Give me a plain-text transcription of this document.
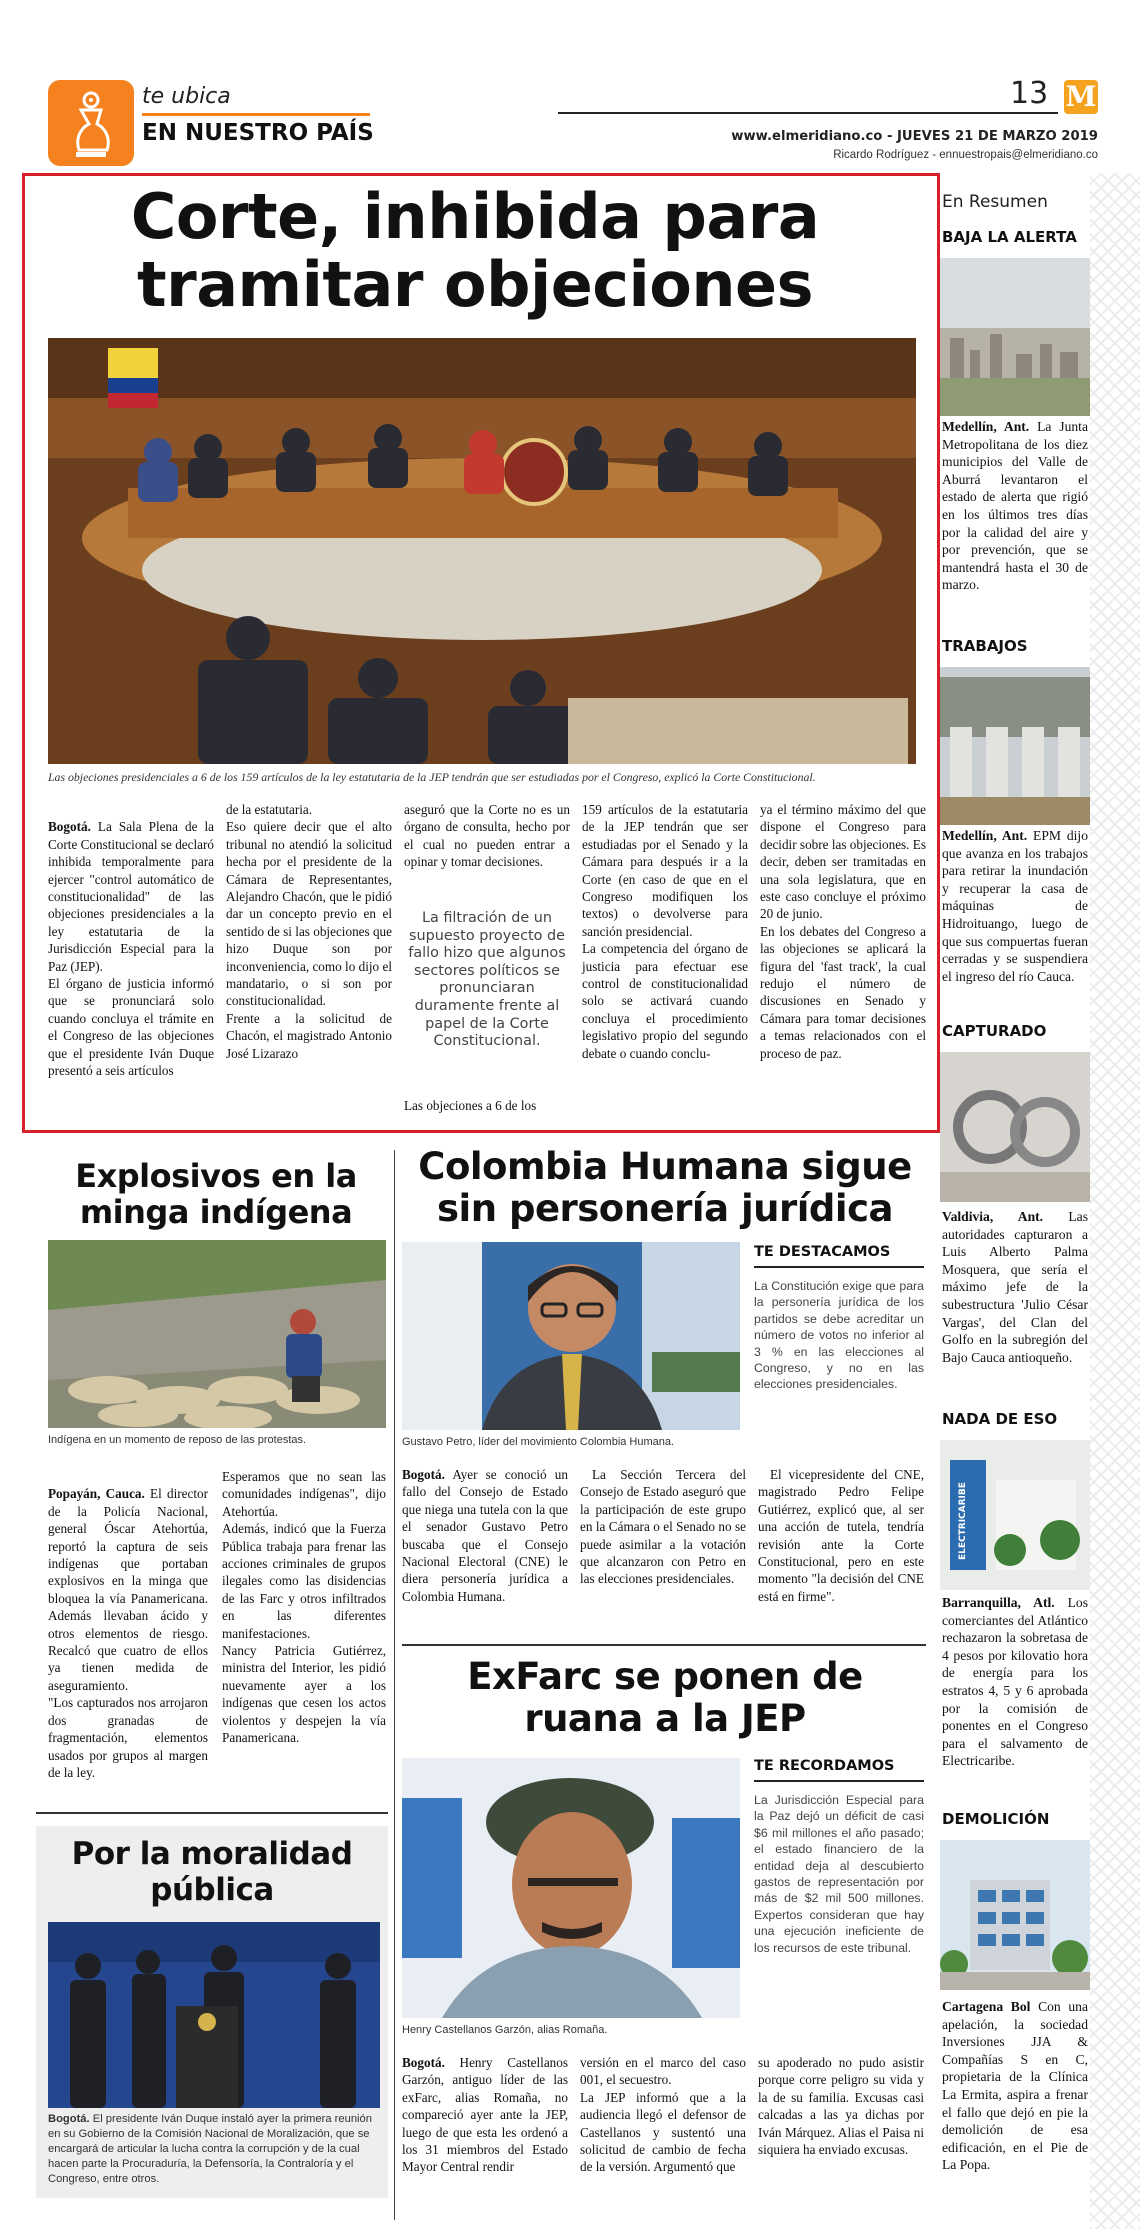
te ubica
EN NUESTRO PAÍS
13 M
www.elmeridiano.co - JUEVES 21 DE MARZO 2019
Ricardo Rodríguez - ennuestropais@elmeridiano.co
Corte, inhibida para
tramitar objeciones
Las objeciones presidenciales a 6 de los 159 artículos de la ley estatutaria de la JEP tendrán que ser estudiadas por el Congreso, explicó la Corte Constitucional.

Bogotá. La Sala Plena de la Corte Constitucional se declaró inhibida temporalmente para ejercer "control automático de constitucionalidad" de las objeciones presidenciales a la ley estatutaria de la Jurisdicción Especial para la Paz (JEP).
El órgano de justicia informó que se pronunciará solo cuando concluya el trámite en el Congreso de las objeciones que el presidente Iván Duque presentó a seis artículos

de la estatutaria.
Eso quiere decir que el alto tribunal no atendió la solicitud hecha por el presidente de la Cámara de Representantes, Alejandro Chacón, que le pidió dar un concepto previo en el sentido de si las objeciones que hizo Duque son por inconveniencia, como lo dijo el mandatario, o si son por constitucionalidad.
Frente a la solicitud de Chacón, el magistrado Antonio José Lizarazo
aseguró que la Corte no es un órgano de consulta, hecho por el cual no pueden entrar a opinar y tomar decisiones.
La filtración de un supuesto proyecto de fallo hizo que algunos sectores políticos se pronunciaran duramente frente al papel de la Corte Constitucional.
Las objeciones a 6 de los
159 artículos de la estatutaria de la JEP tendrán que ser estudiadas por el Senado y la Cámara para después ir a la Corte (en caso de que en el Congreso modifiquen los textos) o devolverse para sanción presidencial.
La competencia del órgano de justicia para efectuar ese control de constitucionalidad solo se activará cuando concluya el procedimiento legislativo propio del segundo debate o cuando conclu-
ya el término máximo del que dispone el Congreso para decidir sobre las objeciones. Es decir, deben ser tramitadas en una sola legislatura, que en este caso concluye el próximo 20 de junio.
En los debates del Congreso a las objeciones se aplicará la figura del 'fast track', la cual redujo el número de discusiones en Senado y Cámara para tomar decisiones a temas relacionados con el proceso de paz.
En Resumen
BAJA LA ALERTA
Medellín, Ant. La Junta Metropolitana de los diez municipios del Valle de Aburrá levantaron el estado de alerta que rigió en los últimos tres días por la calidad del aire y por prevención, que se mantendrá hasta el 30 de marzo.
TRABAJOS
Medellín, Ant. EPM dijo que avanza en los trabajos para retirar la inundación y recuperar la casa de máquinas de Hidroituango, luego de que sus compuertas fueran cerradas y se suspendiera el ingreso del río Cauca.
CAPTURADO
Valdivia, Ant. Las autoridades capturaron a Luis Alberto Palma Mosquera, que sería el máximo jefe de la subestructura 'Julio César Vargas', del Clan del Golfo en la subregión del Bajo Cauca antioqueño.
NADA DE ESO
ELECTRICARIBE
Barranquilla, Atl. Los comerciantes del Atlántico rechazaron la sobretasa de 4 pesos por kilovatio hora de energía para los estratos 4, 5 y 6 aprobada por la comisión de ponentes en el Congreso para el salvamento de Electricaribe.
DEMOLICIÓN
Cartagena Bol Con una apelación, la sociedad Inversiones JJA & Compañías S en C, propietaria de la Clínica La Ermita, aspira a frenar el fallo que dejó en pie la demolición de esa edificación, en el Pie de La Popa.
Explosivos en la
minga indígena
Indígena en un momento de reposo de las protestas.

Popayán, Cauca. El director de la Policía Nacional, general Óscar Atehortúa, reportó la captura de seis indígenas que portaban explosivos en la minga que bloquea la vía Panamericana. Además llevaban ácido y otros elementos de riesgo. Recalcó que cuatro de ellos ya tienen medida de aseguramiento.
"Los capturados nos arrojaron dos granadas de fragmentación, elementos usados por grupos al margen de la ley.

Esperamos que no sean las comunidades indígenas", dijo Atehortúa.
Además, indicó que la Fuerza Pública trabaja para frenar las acciones criminales de grupos ilegales como las disidencias de las Farc y otros infiltrados en las diferentes manifestaciones.
Nancy Patricia Gutiérrez, ministra del Interior, les pidió nuevamente ayer a los indígenas que cesen los actos violentos y despejen la vía Panamericana.
Por la moralidad
pública
Bogotá. El presidente Iván Duque instaló ayer la primera reunión en su Gobierno de la Comisión Nacional de Moralización, que se encargará de articular la lucha contra la corrupción y de la cual hacen parte la Procuraduría, la Defensoría, la Contraloría y el Congreso, entre otros.
Colombia Humana sigue
sin personería jurídica
Gustavo Petro, líder del movimiento Colombia Humana.
TE DESTACAMOS
La Constitución exige que para la personería jurídica de los partidos se debe acreditar un número de votos no inferior al 3 % en las elecciones al Congreso, y no en las elecciones presidenciales.
Bogotá. Ayer se conoció un fallo del Consejo de Estado que niega una tutela con la que el senador Gustavo Petro buscaba que el Consejo Nacional Electoral (CNE) le diera personería jurídica a Colombia Humana.
La Sección Tercera del Consejo de Estado aseguró que la participación de este grupo en la Cámara o el Senado no se puede asimilar a la votación que alcanzaron con Petro en las elecciones presidenciales.
El vicepresidente del CNE, magistrado Pedro Felipe Gutiérrez, explicó que, al ser una acción de tutela, tendría revisión ante la Corte Constitucional, pero en este momento "la decisión del CNE está en firme".
ExFarc se ponen de
ruana a la JEP
Henry Castellanos Garzón, alias Romaña.
TE RECORDAMOS
La Jurisdicción Especial para la Paz dejó un déficit de casi $6 mil millones el año pasado; el estado financiero de la entidad deja al descubierto gastos de representación por más de $2 mil 500 millones. Expertos consideran que hay una ejecución ineficiente de los recursos de este tribunal.
Bogotá. Henry Castellanos Garzón, antiguo líder de las exFarc, alias Romaña, no compareció ayer ante la JEP, luego de que esta les ordenó a los 31 miembros del Estado Mayor Central rendir
versión en el marco del caso 001, el secuestro.
La JEP informó que a la audiencia llegó el defensor de Castellanos y sustentó una solicitud de cambio de fecha de la versión. Argumentó que
su apoderado no pudo asistir porque corre peligro su vida y la de su familia. Excusas casi calcadas a las ya dichas por Iván Márquez. Alias el Paisa ni siquiera ha enviado excusas.
